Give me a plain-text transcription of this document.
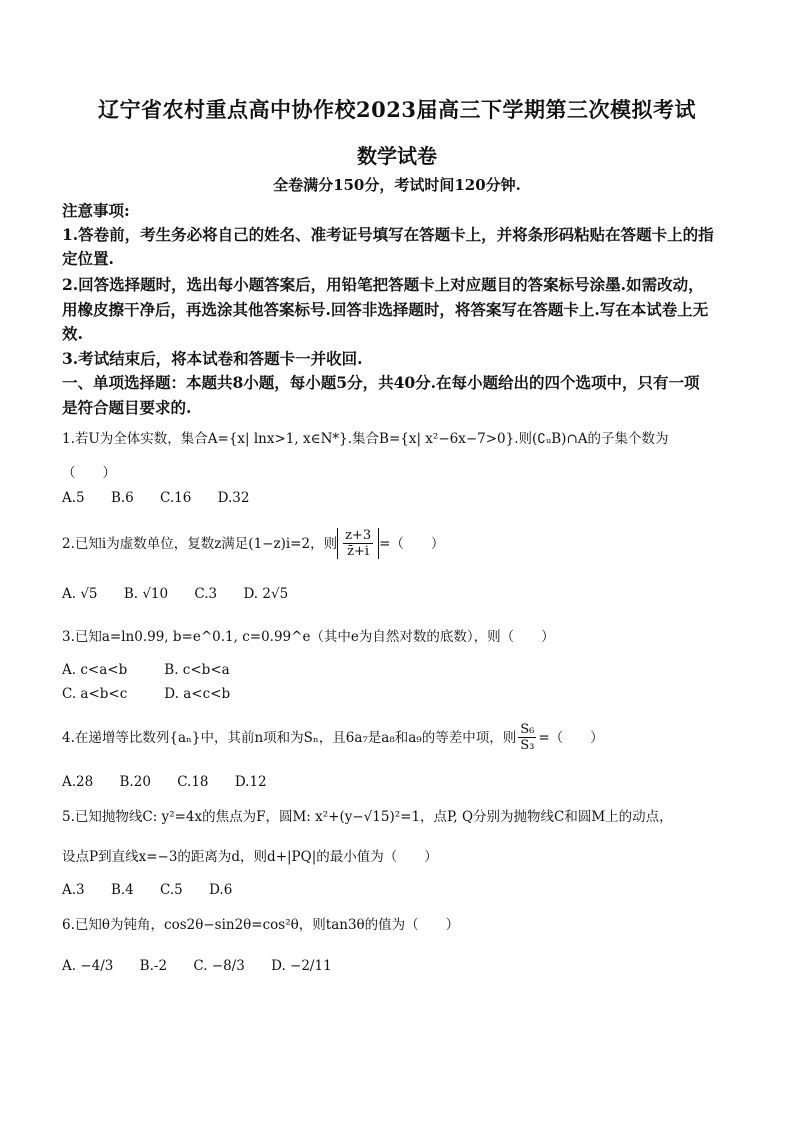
辽宁省农村重点高中协作校2023届高三下学期第三次模拟考试
数学试卷
全卷满分150分，考试时间120分钟.
注意事项:
1.答卷前，考生务必将自己的姓名、准考证号填写在答题卡上，并将条形码粘贴在答题卡上的指
定位置.
2.回答选择题时，选出每小题答案后，用铅笔把答题卡上对应题目的答案标号涂墨.如需改动，
用橡皮擦干净后，再选涂其他答案标号.回答非选择题时，将答案写在答题卡上.写在本试卷上无
效.
3.考试结束后，将本试卷和答题卡一并收回.
一、单项选择题：本题共8小题，每小题5分，共40分.在每小题给出的四个选项中，只有一项
是符合题目要求的.
1.若U为全体实数，集合A={x| lnx>1, x∈N*}.集合B={x| x²−6x−7>0}.则(∁ᵤB)∩A的子集个数为
（　　）
A.5 B.6 C.16 D.32
2.已知i为虚数单位，复数z满足(1−z)i=2，则 $\frac{z+3}{z̄+i}$ =（　　）
A. √5 B. √10 C.3 D. 2√5
3.已知a=ln0.99, b=e^0.1, c=0.99^e（其中e为自然对数的底数），则（　　）
A. c<a<b	B. c<b<a
C. a<b<c	D. a<c<b
4.在递增等比数列{aₙ}中，其前n项和为Sₙ，且6a₇是a₈和a₉的等差中项，则 $\frac{\text{S₆}}{\text{S₃}}$ =（　　）
A.28 B.20 C.18 D.12
5.已知抛物线C: y²=4x的焦点为F，圆M: x²+(y−√15)²=1，点P, Q分别为抛物线C和圆M上的动点，
设点P到直线x=−3的距离为d，则d+|PQ|的最小值为（　　）
A.3 B.4 C.5 D.6
6.已知θ为钝角，cos2θ−sin2θ=cos²θ，则tan3θ的值为（　　）
A. −4/3 B.-2 C. −8/3 D. −2/11
